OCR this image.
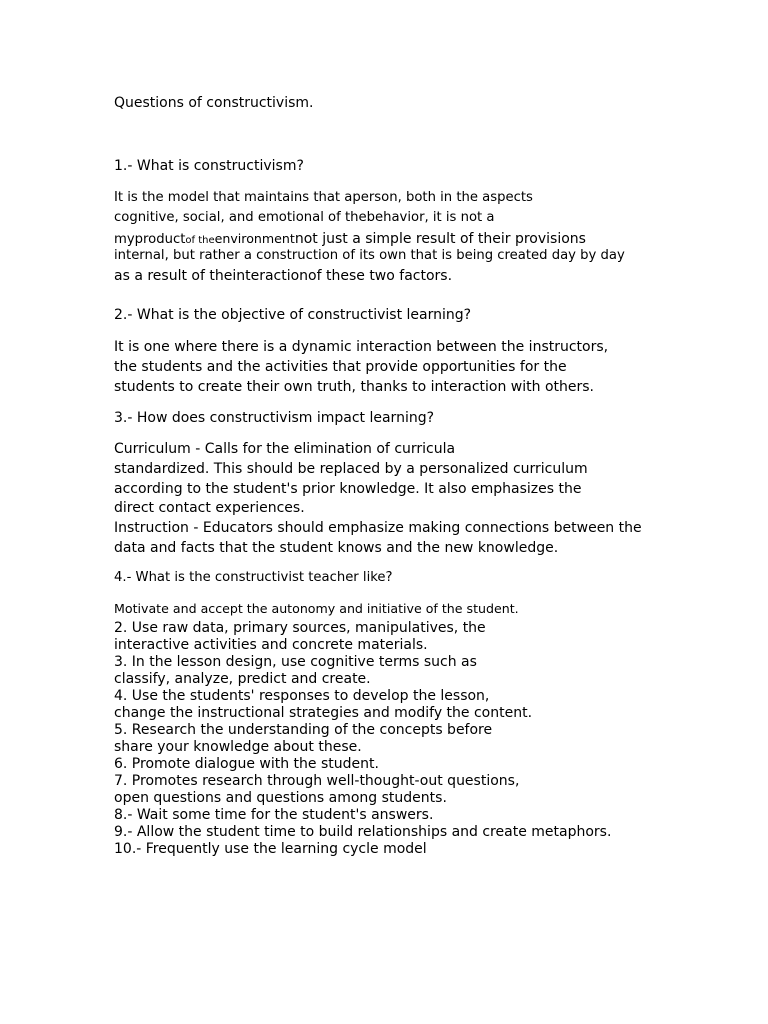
Questions of constructivism.

1.- What is constructivism?

It is the model that maintains that aperson, both in the aspects

cognitive, social, and emotional of thebehavior, it is not a

myproductof theenvironmentnot just a simple result of their provisions

internal, but rather a construction of its own that is being created day by day

as a result of theinteractionof these two factors.

2.- What is the objective of constructivist learning?

It is one where there is a dynamic interaction between the instructors,

the students and the activities that provide opportunities for the

students to create their own truth, thanks to interaction with others.

3.- How does constructivism impact learning?

Curriculum - Calls for the elimination of curricula

standardized. This should be replaced by a personalized curriculum

according to the student's prior knowledge. It also emphasizes the

direct contact experiences.

Instruction - Educators should emphasize making connections between the

data and facts that the student knows and the new knowledge.

4.- What is the constructivist teacher like?

Motivate and accept the autonomy and initiative of the student.

2. Use raw data, primary sources, manipulatives, the

interactive activities and concrete materials.

3. In the lesson design, use cognitive terms such as

classify, analyze, predict and create.

4. Use the students' responses to develop the lesson,

change the instructional strategies and modify the content.

5. Research the understanding of the concepts before

share your knowledge about these.

6. Promote dialogue with the student.

7. Promotes research through well-thought-out questions,

open questions and questions among students.

8.- Wait some time for the student's answers.

9.- Allow the student time to build relationships and create metaphors.

10.- Frequently use the learning cycle model
